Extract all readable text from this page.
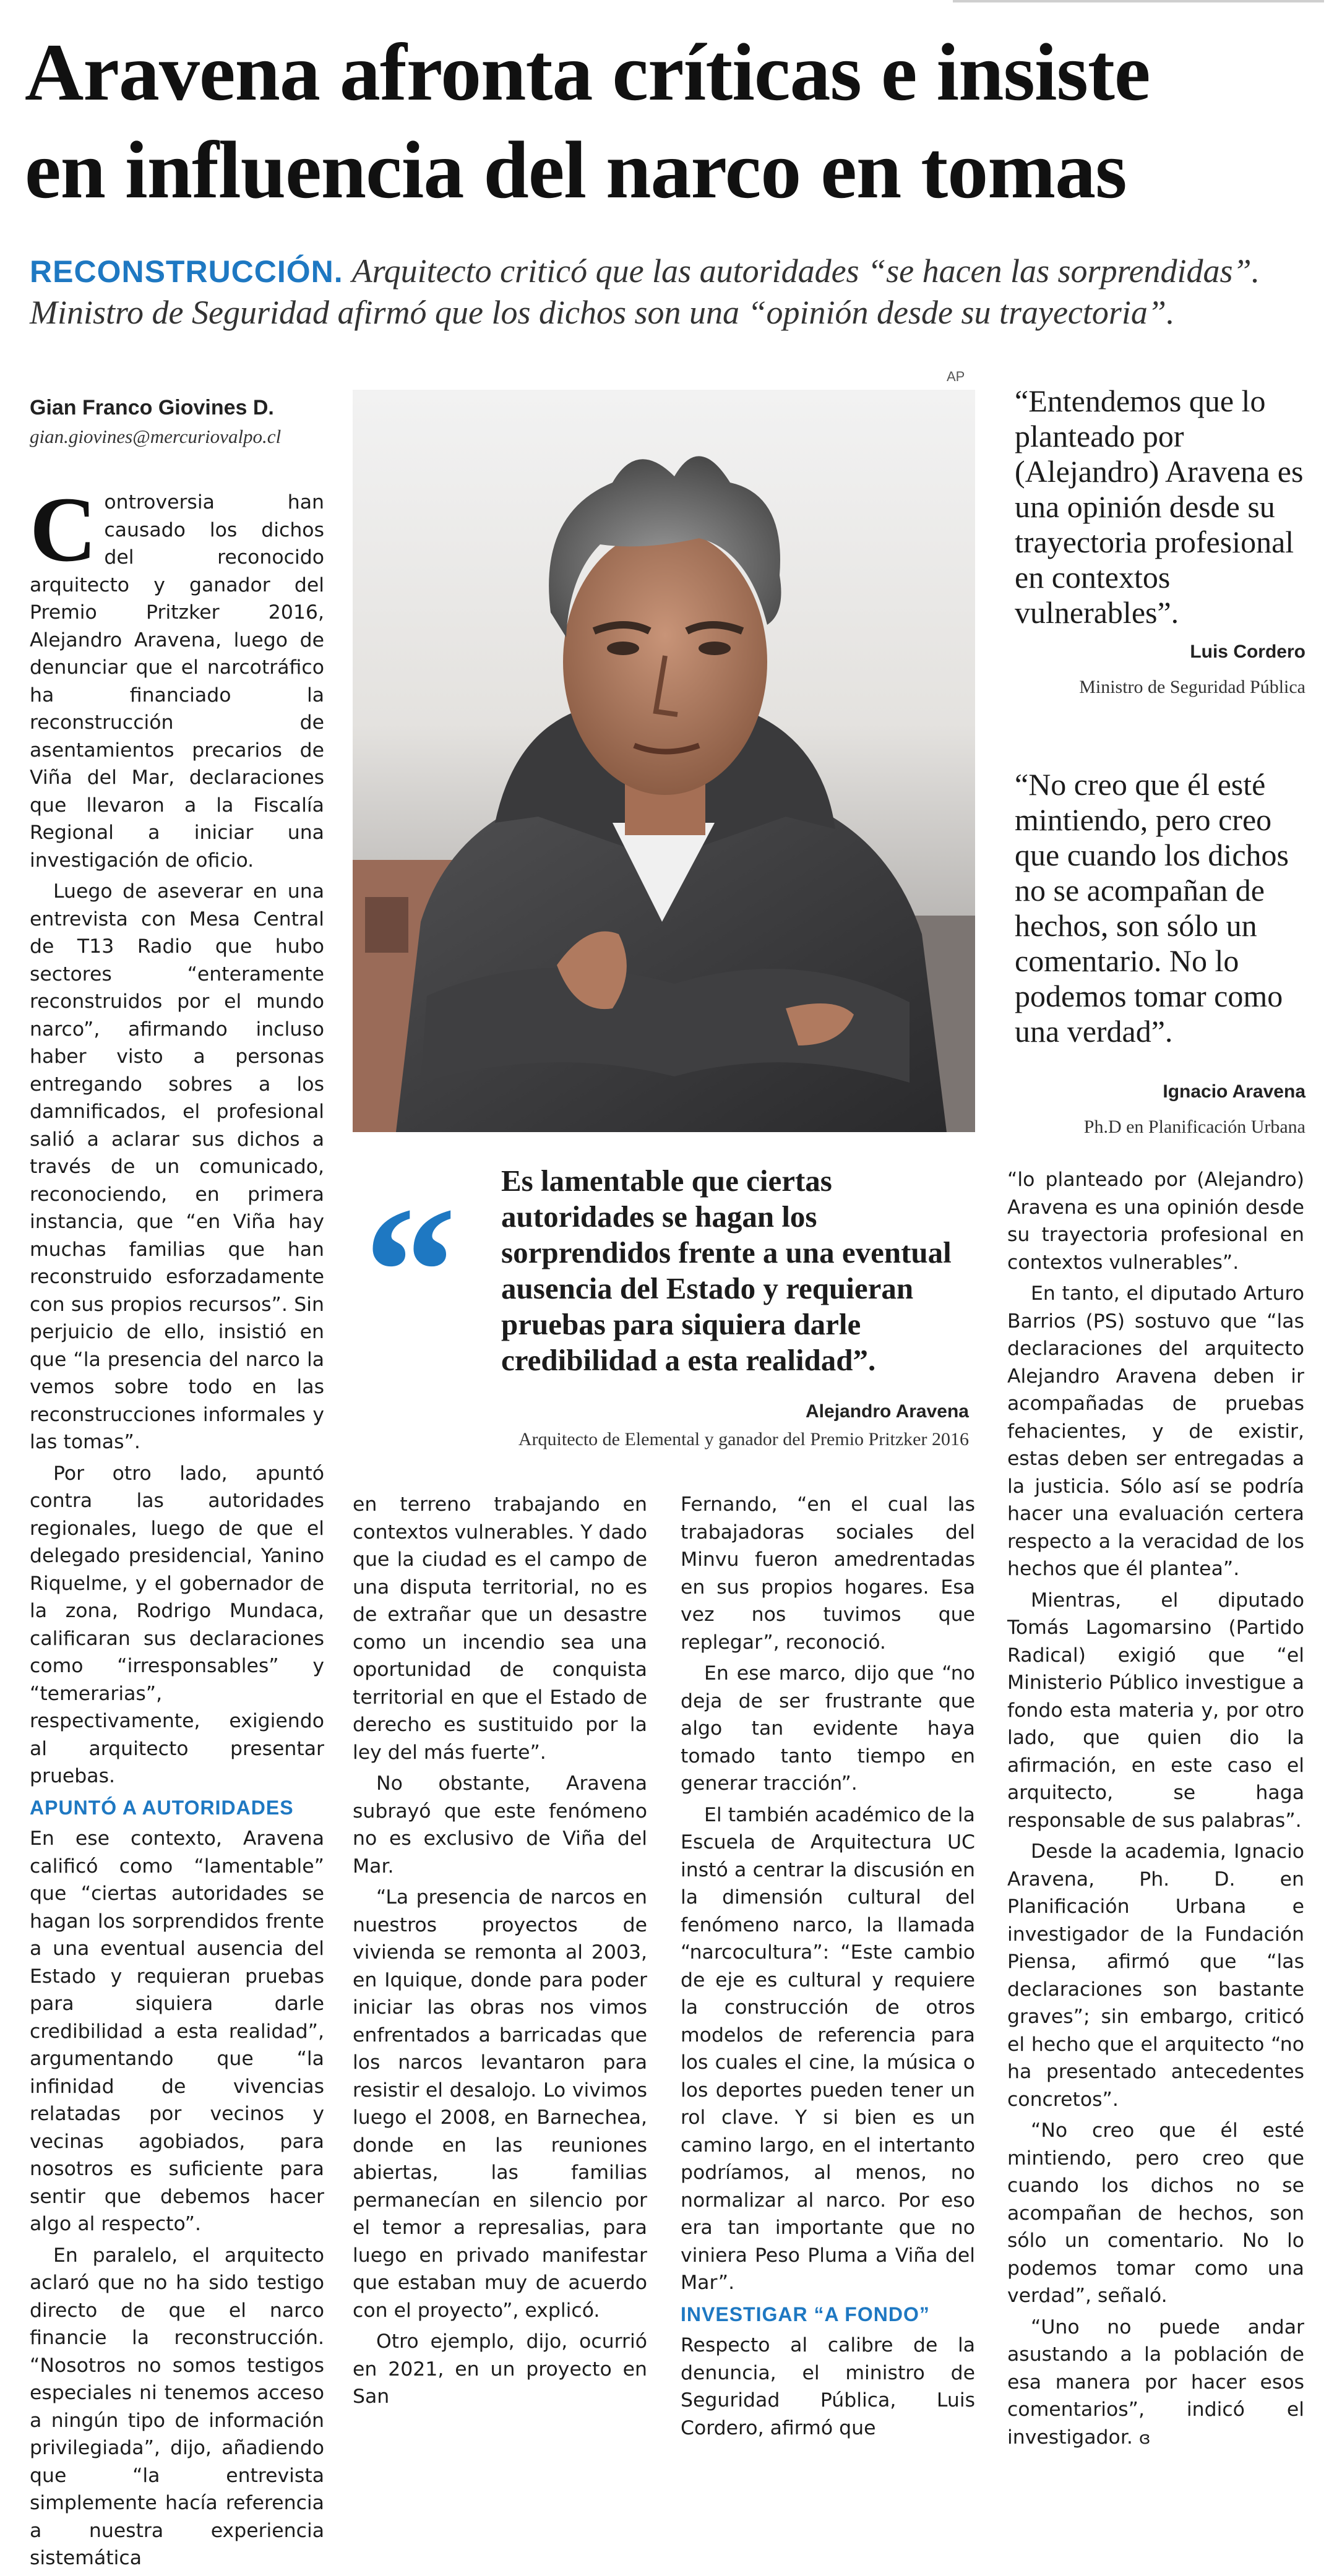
Aravena afronta críticas e insiste
en influencia del narco en tomas
RECONSTRUCCIÓN. Arquitecto criticó que las autoridades “se hacen las sorprendidas”.
Ministro de Seguridad afirmó que los dichos son una “opinión desde su trayectoria”.
Gian Franco Giovines D.
gian.giovines@mercuriovalpo.cl

Controversia han causado los dichos del reconocido arquitecto y ganador del Premio Pritzker 2016, Alejandro Aravena, luego de denunciar que el narcotráfico ha financiado la reconstrucción de asentamientos precarios de Viña del Mar, declaraciones que llevaron a la Fiscalía Regional a iniciar una investigación de oficio.

Luego de aseverar en una entrevista con Mesa Central de T13 Radio que hubo sectores “enteramente reconstruidos por el mundo narco”, afirmando incluso haber visto a personas entregando sobres a los damnificados, el profesional salió a aclarar sus dichos a través de un comunicado, reconociendo, en primera instancia, que “en Viña hay muchas familias que han reconstruido esforzadamente con sus propios recursos”. Sin perjuicio de ello, insistió en que “la presencia del narco la vemos sobre todo en las reconstrucciones informales y las tomas”.

Por otro lado, apuntó contra las autoridades regionales, luego de que el delegado presidencial, Yanino Riquelme, y el gobernador de la zona, Rodrigo Mundaca, calificaran sus declaraciones como “irresponsables” y “temerarias”, respectivamente, exigiendo al arquitecto presentar pruebas.

APUNTÓ A AUTORIDADES

En ese contexto, Aravena calificó como “lamentable” que “ciertas autoridades se hagan los sorprendidos frente a una eventual ausencia del Estado y requieran pruebas para siquiera darle credibilidad a esta realidad”, argumentando que “la infinidad de vivencias relatadas por vecinos y vecinas agobiados, para nosotros es suficiente para sentir que debemos hacer algo al respecto”.

En paralelo, el arquitecto aclaró que no ha sido testigo directo de que el narco financie la reconstrucción. “Nosotros no somos testigos especiales ni tenemos acceso a ningún tipo de información privilegiada”, dijo, añadiendo que “la entrevista simplemente hacía referencia a nuestra experiencia sistemática

AP
“Entendemos que lo planteado por (Alejandro) Aravena es una opinión desde su trayectoria profesional en contextos vulnerables”.
Luis Cordero
Ministro de Seguridad Pública
“No creo que él esté mintiendo, pero creo que cuando los dichos no se acompañan de hechos, son sólo un comentario. No lo podemos tomar como una verdad”.
Ignacio Aravena
Ph.D en Planificación Urbana
“ Es lamentable que ciertas autoridades se hagan los sorprendidos frente a una eventual ausencia del Estado y requieran pruebas para siquiera darle credibilidad a esta realidad”.
Alejandro Aravena
Arquitecto de Elemental y ganador del Premio Pritzker 2016

en terreno trabajando en contextos vulnerables. Y dado que la ciudad es el campo de una disputa territorial, no es de extrañar que un desastre como un incendio sea una oportunidad de conquista territorial en que el Estado de derecho es sustituido por la ley del más fuerte”.

No obstante, Aravena subrayó que este fenómeno no es exclusivo de Viña del Mar.

“La presencia de narcos en nuestros proyectos de vivienda se remonta al 2003, en Iquique, donde para poder iniciar las obras nos vimos enfrentados a barricadas que los narcos levantaron para resistir el desalojo. Lo vivimos luego el 2008, en Barnechea, donde en las reuniones abiertas, las familias permanecían en silencio por el temor a represalias, para luego en privado manifestar que estaban muy de acuerdo con el proyecto”, explicó.

Otro ejemplo, dijo, ocurrió en 2021, en un proyecto en San

Fernando, “en el cual las trabajadoras sociales del Minvu fueron amedrentadas en sus propios hogares. Esa vez nos tuvimos que replegar”, reconoció.

En ese marco, dijo que “no deja de ser frustrante que algo tan evidente haya tomado tanto tiempo en generar tracción”.

El también académico de la Escuela de Arquitectura UC instó a centrar la discusión en la dimensión cultural del fenómeno narco, la llamada “narcocultura”: “Este cambio de eje es cultural y requiere la construcción de otros modelos de referencia para los cuales el cine, la música o los deportes pueden tener un rol clave. Y si bien es un camino largo, en el intertanto podríamos, al menos, no normalizar al narco. Por eso era tan importante que no viniera Peso Pluma a Viña del Mar”.

INVESTIGAR “A FONDO”

Respecto al calibre de la denuncia, el ministro de Seguridad Pública, Luis Cordero, afirmó que

“lo planteado por (Alejandro) Aravena es una opinión desde su trayectoria profesional en contextos vulnerables”.

En tanto, el diputado Arturo Barrios (PS) sostuvo que “las declaraciones del arquitecto Alejandro Aravena deben ir acompañadas de pruebas fehacientes, y de existir, estas deben ser entregadas a la justicia. Sólo así se podría hacer una evaluación certera respecto a la veracidad de los hechos que él plantea”.

Mientras, el diputado Tomás Lagomarsino (Partido Radical) exigió que “el Ministerio Público investigue a fondo esta materia y, por otro lado, que quien dio la afirmación, en este caso el arquitecto, se haga responsable de sus palabras”.

Desde la academia, Ignacio Aravena, Ph. D. en Planificación Urbana e investigador de la Fundación Piensa, afirmó que “las declaraciones son bastante graves”; sin embargo, criticó el hecho que el arquitecto “no ha presentado antecedentes concretos”.

“No creo que él esté mintiendo, pero creo que cuando los dichos no se acompañan de hechos, son sólo un comentario. No lo podemos tomar como una verdad”, señaló.

“Uno no puede andar asustando a la población de esa manera por hacer esos comentarios”, indicó el investigador. ɞ
